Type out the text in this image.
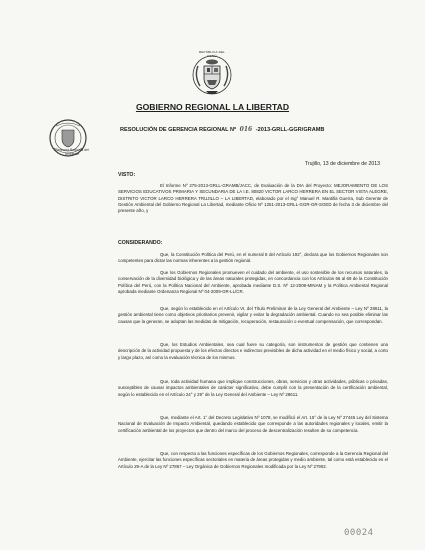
REPÚBLICA DEL PERÚ
GOBIERNO REGIONAL LA LIBERTAD
Gerencia Regional del Ambiente
RESOLUCIÓN DE GERENCIA REGIONAL Nº 016 -2013-GRLL-GGR/GRAMB
Trujillo, 13 de diciembre de 2013
VISTO:
El Informe Nº 275-2013-GRLL-GRAMB/JACC, de Evaluación de la DIA del Proyecto: MEJORAMIENTO DE LOS SERVICIOS EDUCATIVOS PRIMARIA Y SECUNDARIA DE LA I.E. 80820 VICTOR LARCO HERRERA EN EL SECTOR VISTA ALEGRE, DISTRITO VICTOR LARCO HERRERA TRUJILLO – LA LIBERTAD, elaborado por el Ing° Manuel R. Mantilla Guerra, Sub Gerente de Gestión Ambiental del Gobierno Regional La Libertad, mediante Oficio Nº 1251-2013-GRLL-GGR-GR-SGED de fecha 3 de diciembre del presente año, y
CONSIDERANDO:
Que, la Constitución Política del Perú, en el numeral 8 del Artículo 192°, declara que los Gobiernos Regionales son competentes para dictar las normas inherentes a la gestión regional.
Que los Gobiernos Regionales promueven el cuidado del ambiente, el uso sostenible de los recursos naturales, la conservación de la diversidad biológica y de las áreas naturales protegidas, en concordancia con los Artículos 66 al 69 de la Constitución Política del Perú, con la Política Nacional del Ambiente, aprobada mediante D.S. Nº 12-2009-MINAM y la Política Ambiental Regional aprobada mediante Ordenanza Regional Nº 04-2009-GR-LL/CR.
Que, según lo establecido en el Artículo VI, del Título Preliminar de la Ley General del Ambiente – Ley Nº 28611, la gestión ambiental tiene como objetivos prioritarios prevenir, vigilar y evitar la degradación ambiental. Cuando no sea posible eliminar las causas que la generan, se adoptan las medidas de mitigación, recuperación, restauración o eventual compensación, que correspondan.
Que, los Estudios Ambientales, sea cual fuere su categoría, son instrumentos de gestión que contienen una descripción de la actividad propuesta y de los efectos directos e indirectos previsibles de dicha actividad en el medio físico y social, a corto y largo plazo, así como la evaluación técnica de los mismos.
Que, toda actividad humana que implique construcciones, obras, servicios y otras actividades, públicas o privadas, susceptibles de causar impactos ambientales de carácter significativo, debe cumplir con la presentación de la certificación ambiental, según lo establecido en el Artículo 24° y 29° de la Ley General del Ambiente – Ley Nº 28611.
Que, mediante el Art. 1° del Decreto Legislativo Nº 1078, se modificó el Art. 15° de la Ley Nº 27446 Ley del Sistema Nacional de Evaluación de Impacto Ambiental, quedando establecido que corresponde a las autoridades regionales y locales, emitir la certificación ambiental de los proyectos que dentro del marco del proceso de descentralización resulten de su competencia.
Que, con respecto a las funciones específicas de los Gobiernos Regionales, corresponde a la Gerencia Regional del Ambiente, ejercitar las funciones específicas sectoriales en materia de áreas protegidas y medio ambiente, tal como está establecido en el Artículo 29-A de la Ley Nº 27867 – Ley Orgánica de Gobiernos Regionales modificada por la Ley Nº 27902.
00024
